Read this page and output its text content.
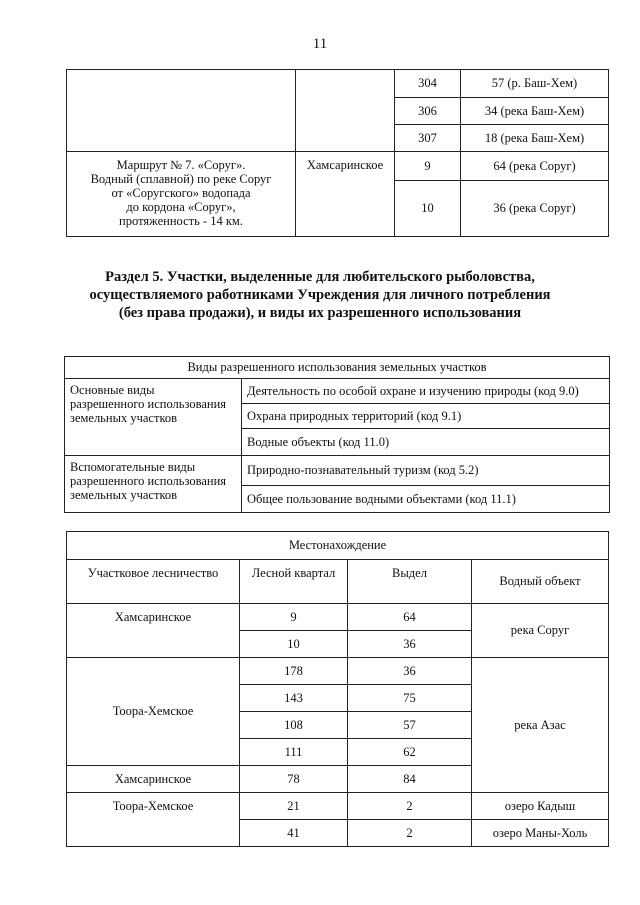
11
		304	57 (р. Баш-Хем)
		306	34 (река Баш-Хем)
		307	18 (река Баш-Хем)

Маршрут № 7. «Соруг».
Водный (сплавной) по реке Соруг
от «Соругского» водопада
до кордона «Соруг»,
протяженность - 14 км.	Хамсаринское	9	64 (река Соруг)
		10	36 (река Соруг)
Раздел 5. Участки, выделенные для любительского рыболовства,
осуществляемого работниками Учреждения для личного потребления
(без права продажи), и виды их разрешенного использования
Виды разрешенного использования земельных участков	

Основные виды
разрешенного использования
земельных участков	Деятельность по особой охране и изучению природы (код 9.0)
	Охрана природных территорий (код 9.1)
	Водные объекты (код 11.0)

Вспомогательные виды
разрешенного использования
земельных участков	Природно-познавательный туризм (код 5.2)
	Общее пользование водными объектами (код 11.1)
Местонахождение			
Участковое лесничество	Лесной квартал	Выдел	Водный объект
Хамсаринское	9	64	река Соруг
	10	36	
Тоора-Хемское	178	36	река Азас
	143	75	
	108	57	
	111	62	
Хамсаринское	78	84	
Тоора-Хемское	21	2	озеро Кадыш
	41	2	озеро Маны-Холь
